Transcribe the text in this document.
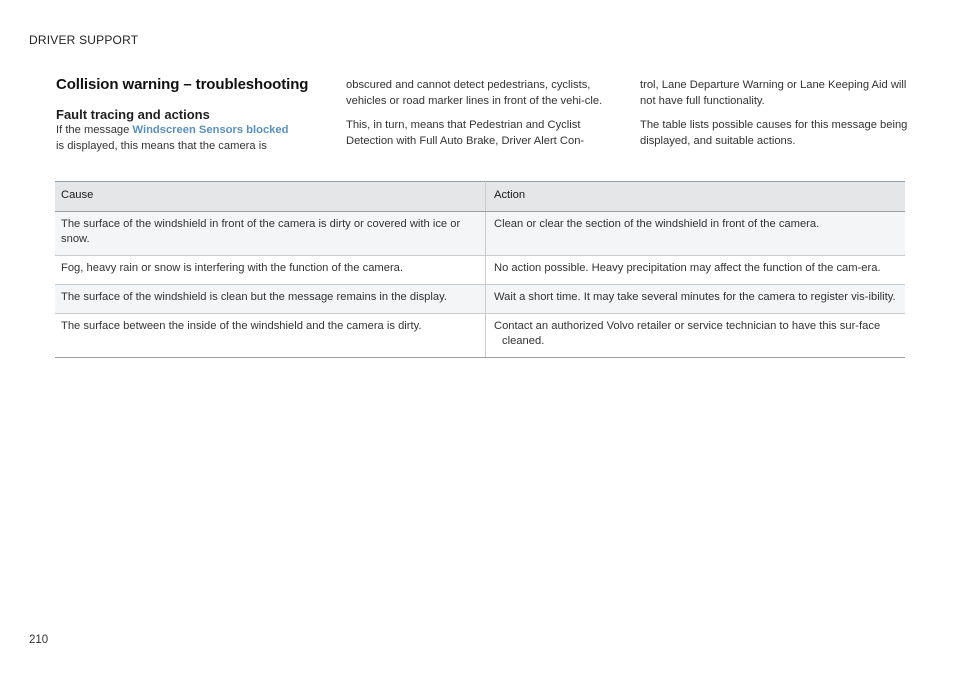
DRIVER SUPPORT
Collision warning – troubleshooting
Fault tracing and actions

If the message Windscreen Sensors blocked
is displayed, this means that the camera is

obscured and cannot detect pedestrians, cyclists, vehicles or road marker lines in front of the vehi-cle.

This, in turn, means that Pedestrian and Cyclist Detection with Full Auto Brake, Driver Alert Con-

trol, Lane Departure Warning or Lane Keeping Aid will not have full functionality.

The table lists possible causes for this message being displayed, and suitable actions.

Cause	Action
The surface of the windshield in front of the camera is dirty or covered with ice or snow.	Clean or clear the section of the windshield in front of the camera.

Fog, heavy rain or snow is interfering with the function of the camera.	No action possible. Heavy precipitation may affect the function of the cam-era.

The surface of the windshield is clean but the message remains in the display.	Wait a short time. It may take several minutes for the camera to register vis-ibility.

The surface between the inside of the windshield and the camera is dirty.	Contact an authorized Volvo retailer or service technician to have this sur-face cleaned.
210
